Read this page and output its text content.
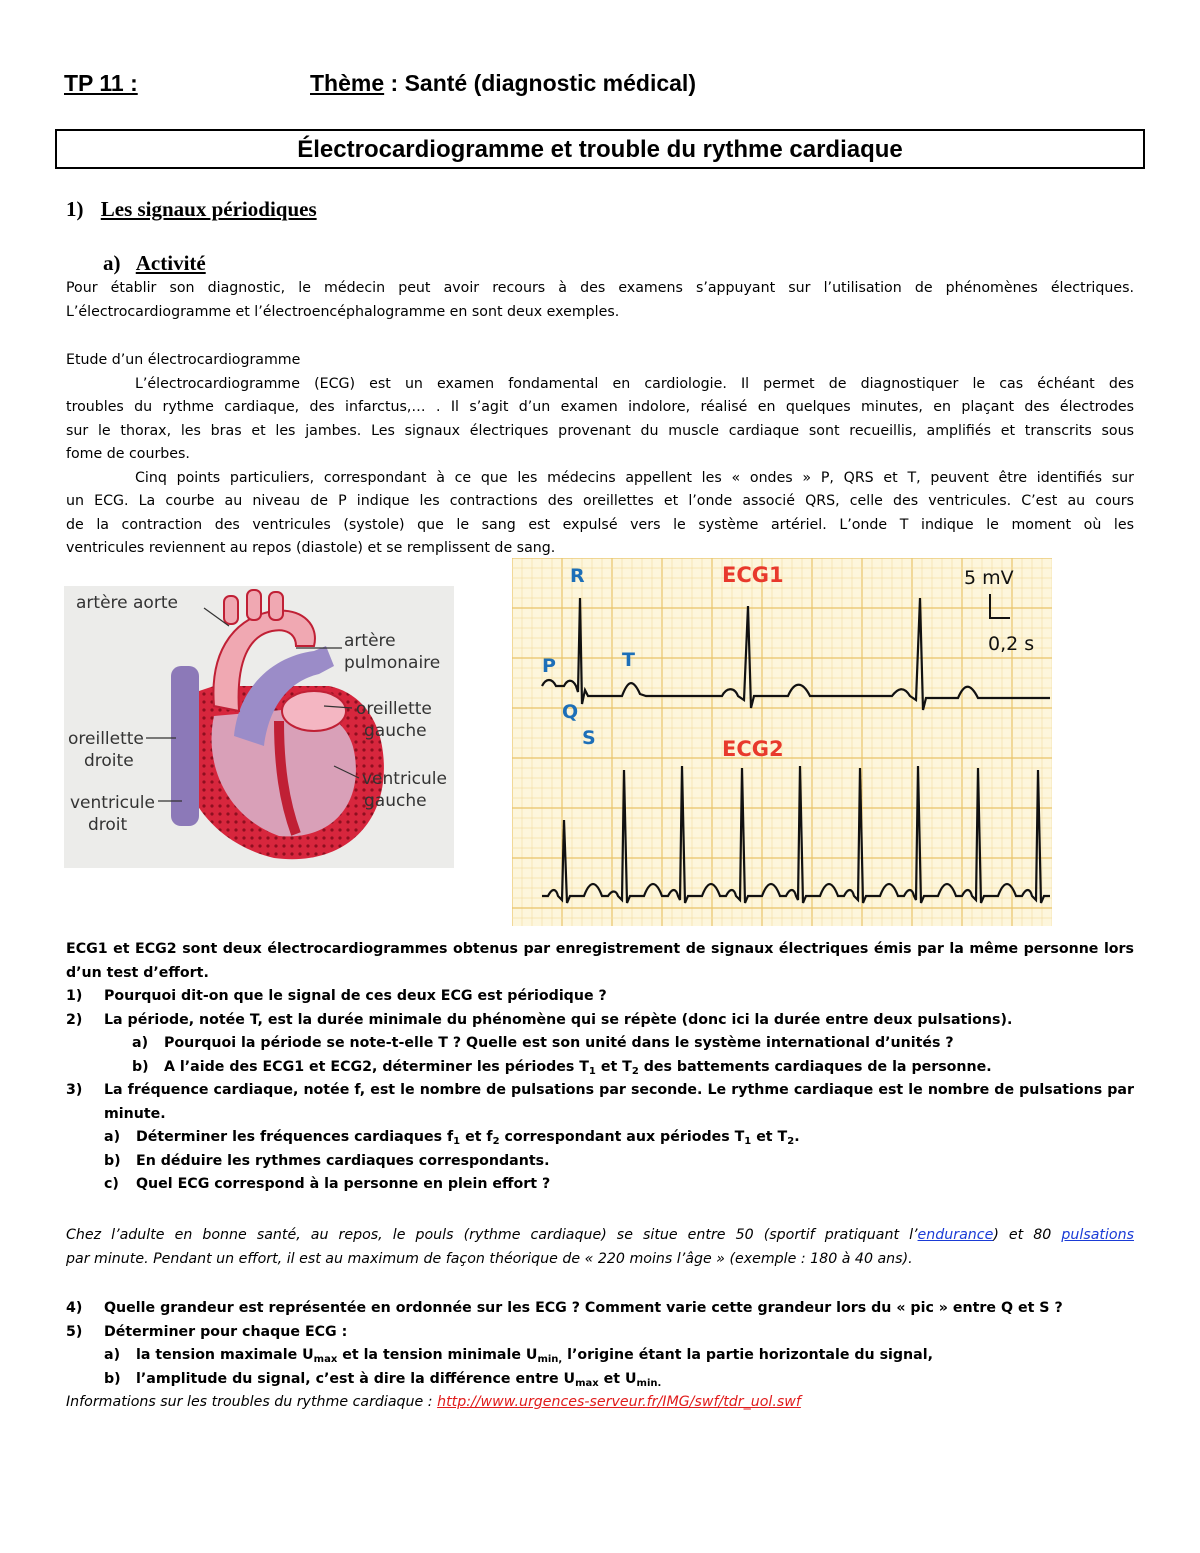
TP 11 :	Thème : Santé (diagnostic médical)
Électrocardiogramme et trouble du rythme cardiaque
1) Les signaux périodiques
a) Activité
Pour établir son diagnostic, le médecin peut avoir recours à des examens s’appuyant sur l’utilisation de phénomènes électriques.
L’électrocardiogramme et l’électroencéphalogramme en sont deux exemples.
Etude d’un électrocardiogramme
L’électrocardiogramme (ECG) est un examen fondamental en cardiologie. Il permet de diagnostiquer le cas échéant des
troubles du rythme cardiaque, des infarctus,… . Il s’agit d’un examen indolore, réalisé en quelques minutes, en plaçant des électrodes
sur le thorax, les bras et les jambes. Les signaux électriques provenant du muscle cardiaque sont recueillis, amplifiés et transcrits sous
fome de courbes.
Cinq points particuliers, correspondant à ce que les médecins appellent les « ondes » P, QRS et T, peuvent être identifiés sur
un ECG. La courbe au niveau de P indique les contractions des oreillettes et l’onde associé QRS, celle des ventricules. C’est au cours
de la contraction des ventricules (systole) que le sang est expulsé vers le système artériel. L’onde T indique le moment où les
ventricules reviennent au repos (diastole) et se remplissent de sang.
artère aorte
artère
pulmonaire
oreillette
gauche
oreillette
droite
ventricule
gauche
ventricule
droit
5 mV
0,2 s
ECG1
ECG2
R
P	T
Q
S
ECG1 et ECG2 sont deux électrocardiogrammes obtenus par enregistrement de signaux électriques émis par la même personne lors
d’un test d’effort.
1) Pourquoi dit-on que le signal de ces deux ECG est périodique ?
2) La période, notée T, est la durée minimale du phénomène qui se répète (donc ici la durée entre deux pulsations).
a) Pourquoi la période se note-t-elle T ? Quelle est son unité dans le système international d’unités ?
b) A l’aide des ECG1 et ECG2, déterminer les périodes $T_1$ et $T_2$ des battements cardiaques de la personne.
3) La fréquence cardiaque, notée f, est le nombre de pulsations par seconde. Le rythme cardiaque est le nombre de pulsations par
minute.
a) Déterminer les fréquences cardiaques $f_1$ et $f_2$ correspondant aux périodes $T_1$ et $T_2$.
b) En déduire les rythmes cardiaques correspondants.
c) Quel ECG correspond à la personne en plein effort ?
Chez l’adulte en bonne santé, au repos, le pouls (rythme cardiaque) se situe entre 50 (sportif pratiquant l’endurance) et 80 pulsations
par minute. Pendant un effort, il est au maximum de façon théorique de « 220 moins l’âge » (exemple : 180 à 40 ans).
4) Quelle grandeur est représentée en ordonnée sur les ECG ? Comment varie cette grandeur lors du « pic » entre Q et S ?
5) Déterminer pour chaque ECG :
a) la tension maximale $U_{max}$ et la tension minimale $U_{min,}$ l’origine étant la partie horizontale du signal,
b) l’amplitude du signal, c’est à dire la différence entre $U_{max}$ et $U_{min.}$
Informations sur les troubles du rythme cardiaque : http://www.urgences-serveur.fr/IMG/swf/tdr_uol.swf
